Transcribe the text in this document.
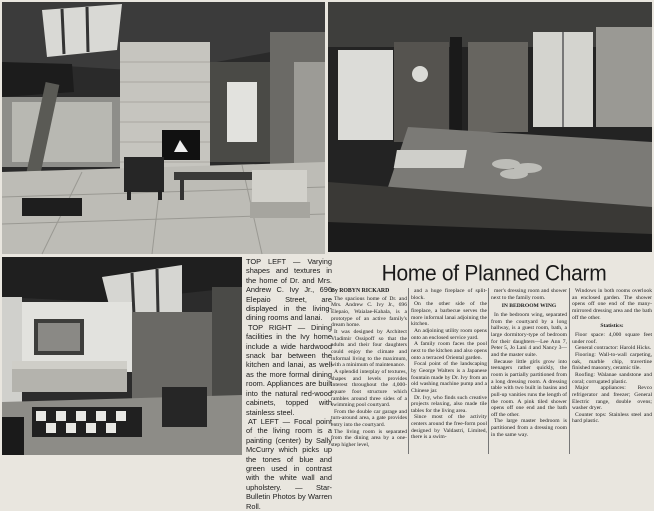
TOP LEFT — Varying shapes and textures in the home of Dr. and Mrs. Andrew C. Ivy Jr., 696 Elepaio Street, are displayed in the living-dining rooms and lanai.

TOP RIGHT — Dining facilities in the Ivy home include a wide hardwood snack bar between the kitchen and lanai, as well as the more formal dining room. Appliances are built into the natural red-wood cabinets, topped with stainless steel.

AT LEFT — Focal point of the living room is a painting (center) by Sally McCurry which picks up the tones of blue and green used in contrast with the white wall and upholstery. — Star-Bulletin Photos by Warren Roll.

Home of Planned Charm

By ROBYN RICKARD

The spacious home of Dr. and Mrs. Andrew C. Ivy Jr., 696 Elepaio, Waialae-Kahala, is a prototype of an active family's dream home.

It was designed by Architect Vladimir Ossipoff so that the adults and their four daughters could enjoy the climate and informal living to the maximum, with a minimum of maintenance.

A splendid interplay of textures, shapes and levels provides interest throughout the 4,000-square foot structure which rambles around three sides of a swimming pool courtyard.

From the double car garage and turn-around area, a gate provides entry into the courtyard.

The living room is separated from the dining area by a one-step higher level,

and a huge fireplace of split-block.

On the other side of the fireplace, a barbecue serves the more informal lanai adjoining the kitchen.

An adjoining utility room opens onto an enclosed service yard.

A family room faces the pool next to the kitchen and also opens onto a terraced Oriental garden.

Focal point of the landscaping by George Walters is a Japanese fountain made by Dr. Ivy from an old washing machine pump and a Chinese jar.

Dr. Ivy, who finds such creative projects relaxing, also made tile tables for the living area.

Since most of the activity centers around the free-form pool designed by Valdastri, Limited, there is a swim-

mer's dressing room and shower next to the family room.

IN BEDROOM WING

In the bedroom wing, separated from the courtyard by a long hallway, is a guest room, bath, a large dormitory-type of bedroom for their daughters—Lee Ann 7, Peter 5, Jo Lani 4 and Nancy 3—and the master suite.

Because little girls grow into teenagers rather quickly, the room is partially partitioned from a long dressing room. A dressing table with two built in basins and pull-up vanities runs the length of the room. A pink tiled shower opens off one end and the bath off the other.

The large master bedroom is partitioned from a dressing room in the same way.

Windows in both rooms overlook an enclosed garden. The shower opens off one end of the many-mirrored dressing area and the bath off the other.

Statistics:

Floor space: 4,000 square feet under roof.

General contractor: Harold Hicks.

Flooring: Wall-to-wall carpeting, oak, marble chip, travertine finished masonry, ceramic tile.

Roofing: Walanae sandstone and coral; corrugated plastic.

Major appliances: Revco refrigerator and freezer; General Electric range, double ovens; washer dryer.

Counter tops: Stainless steel and hard plastic.
